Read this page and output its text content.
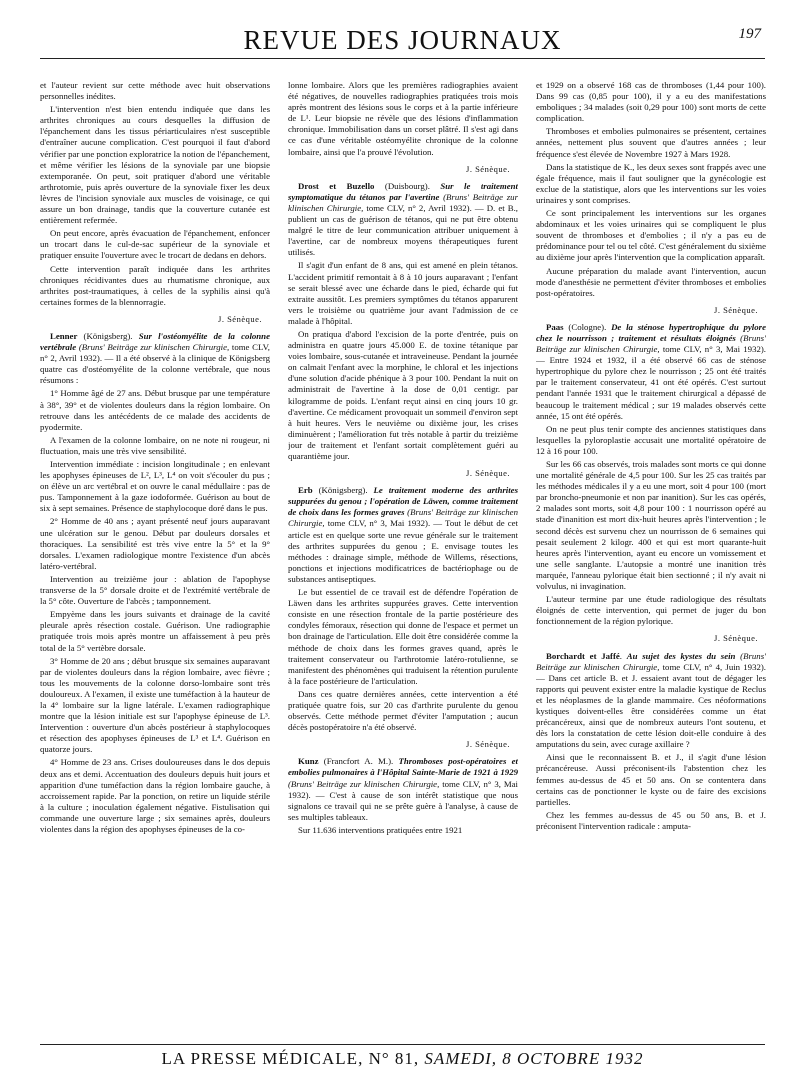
REVUE DES JOURNAUX	197

et l'auteur revient sur cette méthode avec huit observations personnelles inédites.

L'intervention n'est bien entendu indiquée que dans les arthrites chroniques au cours desquelles la diffusion de l'épanchement dans les tissus périarticulaires n'est susceptible d'entraîner aucune complication. C'est pourquoi il faut d'abord vérifier par une ponction exploratrice la notion de l'épanchement, et même vérifier les lésions de la synoviale par une biopsie extemporanée. On peut, soit pratiquer d'abord une véritable arthrotomie, puis après ouverture de la synoviale fixer les deux lèvres de l'incision synoviale aux muscles de voisinage, ce qui assure un bon drainage, tandis que la couverture cutanée est entièrement refermée.

On peut encore, après évacuation de l'épanchement, enfoncer un trocart dans le cul-de-sac supérieur de la synoviale et pratiquer ensuite l'ouverture avec le trocart de dedans en dehors.

Cette intervention paraît indiquée dans les arthrites chroniques récidivantes dues au rhumatisme chronique, aux arthrites post-traumatiques, à celles de la syphilis ainsi qu'à certaines formes de la blennorragie.

J. Sénèque.

Lenner (Königsberg). Sur l'ostéomyélite de la colonne vertébrale (Bruns' Beiträge zur klinischen Chirurgie, tome CLV, n° 2, Avril 1932). — Il a été observé à la clinique de Königsberg quatre cas d'ostéomyélite de la colonne vertébrale, que nous résumons :

1° Homme âgé de 27 ans. Début brusque par une température à 38°, 39° et de violentes douleurs dans la région lombaire. On retrouve dans les antécédents de ce malade des accidents de pyodermite.

A l'examen de la colonne lombaire, on ne note ni rougeur, ni fluctuation, mais une très vive sensibilité.

Intervention immédiate : incision longitudinale ; en enlevant les apophyses épineuses de L², L³, L⁴ on voit s'écouler du pus ; on élève un arc vertébral et on ouvre le canal médullaire : pas de pus. Tamponnement à la gaze iodoformée. Guérison au bout de six à sept semaines. Présence de staphylocoque doré dans le pus.

2° Homme de 40 ans ; ayant présenté neuf jours auparavant une ulcération sur le genou. Début par douleurs dorsales et thoraciques. La sensibilité est très vive entre la 5° et la 9° dorsales. L'examen radiologique montre l'existence d'un abcès latéro-vertébral.

Intervention au treizième jour : ablation de l'apophyse transverse de la 5° dorsale droite et de l'extrémité vertébrale de la 5° côte. Ouverture de l'abcès ; tamponnement.

Empyème dans les jours suivants et drainage de la cavité pleurale après résection costale. Guérison. Une radiographie pratiquée trois mois après montre un affaissement à peu près total de la 5° vertèbre dorsale.

3° Homme de 20 ans ; début brusque six semaines auparavant par de violentes douleurs dans la région lombaire, avec fièvre ; tous les mouvements de la colonne dorso-lombaire sont très douloureux. A l'examen, il existe une tuméfaction à la hauteur de la 4° lombaire sur la ligne latérale. L'examen radiographique montre que la lésion initiale est sur l'apophyse épineuse de L³. Intervention : ouverture d'un abcès postérieur à staphylocoques et résection des apophyses épineuses de L³ et L⁴. Guérison en quatorze jours.

4° Homme de 23 ans. Crises douloureuses dans le dos depuis deux ans et demi. Accentuation des douleurs depuis huit jours et apparition d'une tuméfaction dans la région lombaire gauche, à accroissement rapide. Par la ponction, on retire un liquide stérile à la culture ; inoculation également négative. Fistulisation qui commande une ouverture large ; six semaines après, douleurs violentes dans la région des apophyses épineuses de la co-

lonne lombaire. Alors que les premières radiographies avaient été négatives, de nouvelles radiographies pratiquées trois mois après montrent des lésions sous le corps et à la partie inférieure de L¹. Leur biopsie ne révèle que des lésions d'inflammation chronique. Immobilisation dans un corset plâtré. Il s'est agi dans ce cas d'une véritable ostéomyélite chronique de la colonne lombaire, ainsi que l'a prouvé l'évolution.

J. Sénèque.

Drost et Buzello (Duisbourg). Sur le traitement symptomatique du tétanos par l'avertine (Bruns' Beiträge zur klinischen Chirurgie, tome CLV, n° 2, Avril 1932). — D. et B., publient un cas de guérison de tétanos, qui ne put être obtenu malgré le titre de leur communication attribuer uniquement à l'avertine, car de nombreux moyens thérapeutiques furent utilisés.

Il s'agit d'un enfant de 8 ans, qui est amené en plein tétanos. L'accident primitif remontait à 8 à 10 jours auparavant ; l'enfant se serait blessé avec une écharde dans le pied, écharde qui fut extraite aussitôt. Les premiers symptômes du tétanos apparurent vers le troisième ou quatrième jour avant l'admission de ce malade à l'hôpital.

On pratiqua d'abord l'excision de la porte d'entrée, puis on administra en quatre jours 45.000 E. de toxine tétanique par voies lombaire, sous-cutanée et intraveineuse. Pendant la journée on calmait l'enfant avec la morphine, le chloral et les injections d'une solution d'acide phénique à 3 pour 100. Pendant la nuit on administrait de l'avertine à la dose de 0,01 centigr. par kilogramme de poids. L'enfant reçut ainsi en cinq jours 10 gr. d'avertine. Ce médicament provoquait un sommeil d'environ sept à huit heures. Vers le neuvième ou dixième jour, les crises diminuèrent ; l'amélioration fut très notable à partir du treizième jour de traitement et l'enfant sortait complètement guéri au quarantième jour.

J. Sénèque.

Erb (Königsberg). Le traitement moderne des arthrites suppurées du genou ; l'opération de Läwen, comme traitement de choix dans les formes graves (Bruns' Beiträge zur klinischen Chirurgie, tome CLV, n° 3, Mai 1932). — Tout le début de cet article est en quelque sorte une revue générale sur le traitement des arthrites suppurées du genou ; E. envisage toutes les méthodes : drainage simple, méthode de Willems, résections, ponctions et injections modificatrices de bactériophage ou de substances antiseptiques.

Le but essentiel de ce travail est de défendre l'opération de Läwen dans les arthrites suppurées graves. Cette intervention consiste en une résection frontale de la partie postérieure des condyles fémoraux, résection qui donne de l'espace et permet un bon drainage de l'articulation. Elle doit être considérée comme la méthode de choix dans les formes graves quand, après le traitement conservateur ou l'arthrotomie latéro-rotulienne, se manifestent des phénomènes qui traduisent la rétention purulente à la face postérieure de l'articulation.

Dans ces quatre dernières années, cette intervention a été pratiquée quatre fois, sur 20 cas d'arthrite purulente du genou observés. Cette méthode permet d'éviter l'amputation ; aucun décès postopératoire n'a été observé.

J. Sénèque.

Kunz (Francfort A. M.). Thromboses post-opératoires et embolies pulmonaires à l'Hôpital Sainte-Marie de 1921 à 1929 (Bruns' Beiträge zur klinischen Chirurgie, tome CLV, n° 3, Mai 1932). — C'est à cause de son intérêt statistique que nous signalons ce travail qui ne se prête guère à l'analyse, à cause de ses multiples tableaux.

Sur 11.636 interventions pratiquées entre 1921

et 1929 on a observé 168 cas de thromboses (1,44 pour 100). Dans 99 cas (0,85 pour 100), il y a eu des manifestations emboliques ; 34 malades (soit 0,29 pour 100) sont morts de cette complication.

Thromboses et embolies pulmonaires se présentent, certaines années, nettement plus souvent que d'autres années ; leur fréquence s'est élevée de Novembre 1927 à Mars 1928.

Dans la statistique de K., les deux sexes sont frappés avec une égale fréquence, mais il faut souligner que la gynécologie est exclue de la statistique, alors que les interventions sur les voies urinaires y sont comprises.

Ce sont principalement les interventions sur les organes abdominaux et les voies urinaires qui se compliquent le plus souvent de thromboses et d'embolies ; il n'y a pas eu de prédominance pour tel ou tel côté. C'est généralement du sixième au dixième jour après l'intervention que la complication apparaît.

Aucune préparation du malade avant l'intervention, aucun mode d'anesthésie ne permettent d'éviter thromboses et embolies post-opératoires.

J. Sénèque.

Paas (Cologne). De la sténose hypertrophique du pylore chez le nourrisson ; traitement et résultats éloignés (Bruns' Beiträge zur klinischen Chirurgie, tome CLV, n° 3, Mai 1932). — Entre 1924 et 1932, il a été observé 66 cas de sténose hypertrophique du pylore chez le nourrisson ; 25 ont été traités par le traitement conservateur, 41 ont été opérés. C'est surtout pendant l'année 1931 que le traitement chirurgical a dépassé de beaucoup le traitement médical ; sur 19 malades observés cette année, 15 ont été opérés.

On ne peut plus tenir compte des anciennes statistiques dans lesquelles la pyloroplastie accusait une mortalité opératoire de 12 à 16 pour 100.

Sur les 66 cas observés, trois malades sont morts ce qui donne une mortalité générale de 4,5 pour 100. Sur les 25 cas traités par les méthodes médicales il y a eu une mort, soit 4 pour 100 (mort par broncho-pneumonie et non par inanition). Sur les cas opérés, 2 malades sont morts, soit 4,8 pour 100 : 1 nourrisson opéré au stade d'inanition est mort dix-huit heures après l'intervention ; le second décès est survenu chez un nourrisson de 6 semaines qui pesait seulement 2 kilogr. 400 et qui est mort quarante-huit heures après l'intervention, ayant eu encore un vomissement et une selle sanglante. L'autopsie a montré une inanition très marquée, l'anneau pylorique était bien sectionné ; il n'y avait ni volvulus, ni invagination.

L'auteur termine par une étude radiologique des résultats éloignés de cette intervention, qui permet de juger du bon fonctionnement de la région pylorique.

J. Sénèque.

Borchardt et Jaffé. Au sujet des kystes du sein (Bruns' Beiträge zur klinischen Chirurgie, tome CLV, n° 4, Juin 1932). — Dans cet article B. et J. essaient avant tout de dégager les rapports qui peuvent exister entre la maladie kystique de Reclus et les néoplasmes de la glande mammaire. Ces néoformations kystiques doivent-elles être considérées comme un état précancéreux, ainsi que de nombreux auteurs l'ont soutenu, et dès lors la constatation de cette lésion doit-elle conduire à des amputations du sein, avec curage axillaire ?

Ainsi que le reconnaissent B. et J., il s'agit d'une lésion précancéreuse. Aussi préconisent-ils l'abstention chez les femmes au-dessus de 45 et 50 ans. On se contentera dans certains cas de ponctionner le kyste ou de faire des excisions partielles.

Chez les femmes au-dessus de 45 ou 50 ans, B. et J. préconisent l'intervention radicale : amputa-

LA PRESSE MÉDICALE, N° 81, SAMEDI, 8 OCTOBRE 1932
